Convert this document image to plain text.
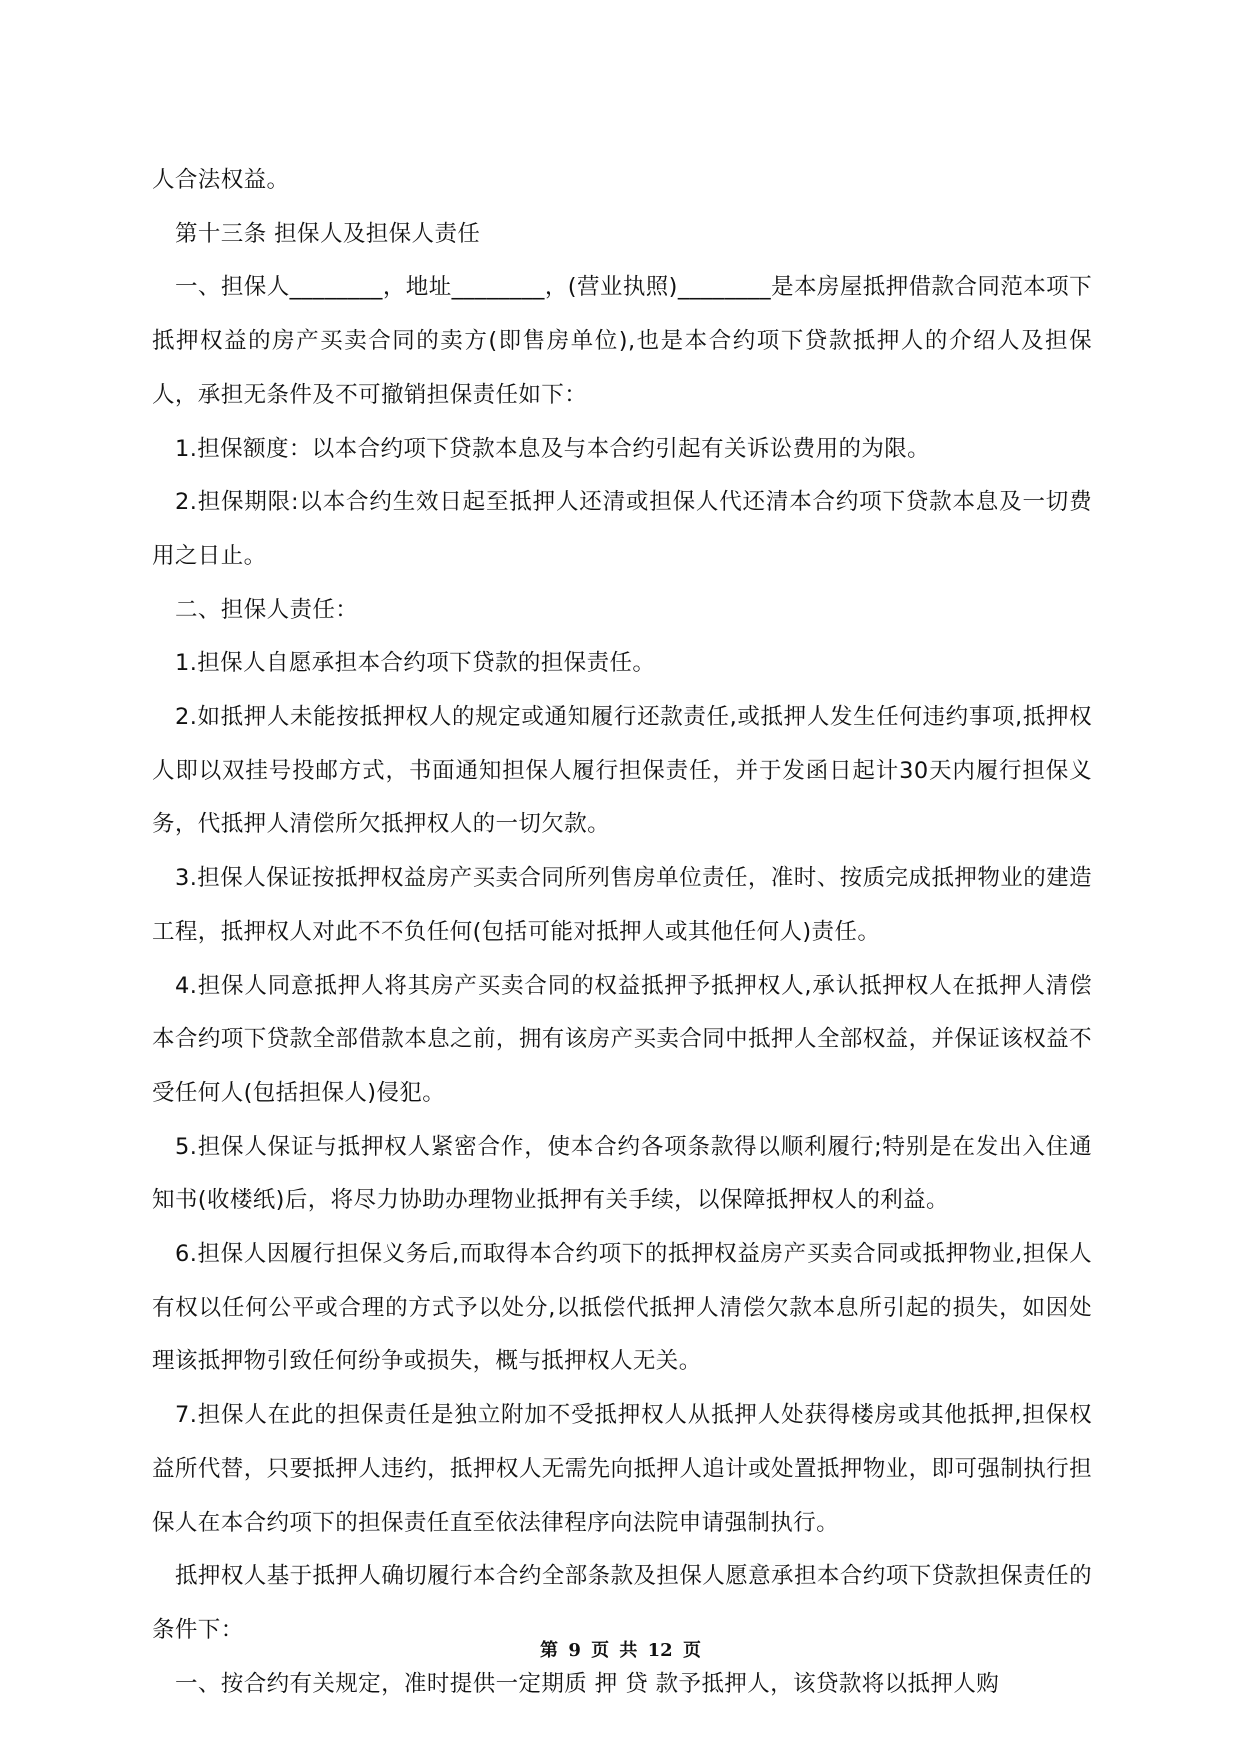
人合法权益。

第十三条 担保人及担保人责任

一、担保人________，地址________，(营业执照)________是本房屋抵押借款合同范本项下抵押权益的房产买卖合同的卖方(即售房单位),也是本合约项下贷款抵押人的介绍人及担保人，承担无条件及不可撤销担保责任如下：

1.担保额度：以本合约项下贷款本息及与本合约引起有关诉讼费用的为限。

2.担保期限:以本合约生效日起至抵押人还清或担保人代还清本合约项下贷款本息及一切费用之日止。

二、担保人责任：

1.担保人自愿承担本合约项下贷款的担保责任。

2.如抵押人未能按抵押权人的规定或通知履行还款责任,或抵押人发生任何违约事项,抵押权人即以双挂号投邮方式，书面通知担保人履行担保责任，并于发函日起计30天内履行担保义务，代抵押人清偿所欠抵押权人的一切欠款。

3.担保人保证按抵押权益房产买卖合同所列售房单位责任，准时、按质完成抵押物业的建造工程，抵押权人对此不不负任何(包括可能对抵押人或其他任何人)责任。

4.担保人同意抵押人将其房产买卖合同的权益抵押予抵押权人,承认抵押权人在抵押人清偿本合约项下贷款全部借款本息之前，拥有该房产买卖合同中抵押人全部权益，并保证该权益不受任何人(包括担保人)侵犯。

5.担保人保证与抵押权人紧密合作，使本合约各项条款得以顺利履行;特别是在发出入住通知书(收楼纸)后，将尽力协助办理物业抵押有关手续，以保障抵押权人的利益。

6.担保人因履行担保义务后,而取得本合约项下的抵押权益房产买卖合同或抵押物业,担保人有权以任何公平或合理的方式予以处分,以抵偿代抵押人清偿欠款本息所引起的损失，如因处理该抵押物引致任何纷争或损失，概与抵押权人无关。

7.担保人在此的担保责任是独立附加不受抵押权人从抵押人处获得楼房或其他抵押,担保权益所代替，只要抵押人违约，抵押权人无需先向抵押人追计或处置抵押物业，即可强制执行担保人在本合约项下的担保责任直至依法律程序向法院申请强制执行。

抵押权人基于抵押人确切履行本合约全部条款及担保人愿意承担本合约项下贷款担保责任的条件下：

一、按合约有关规定，准时提供一定期质 押 贷 款予抵押人，该贷款将以抵押人购

第 9 页 共 12 页
